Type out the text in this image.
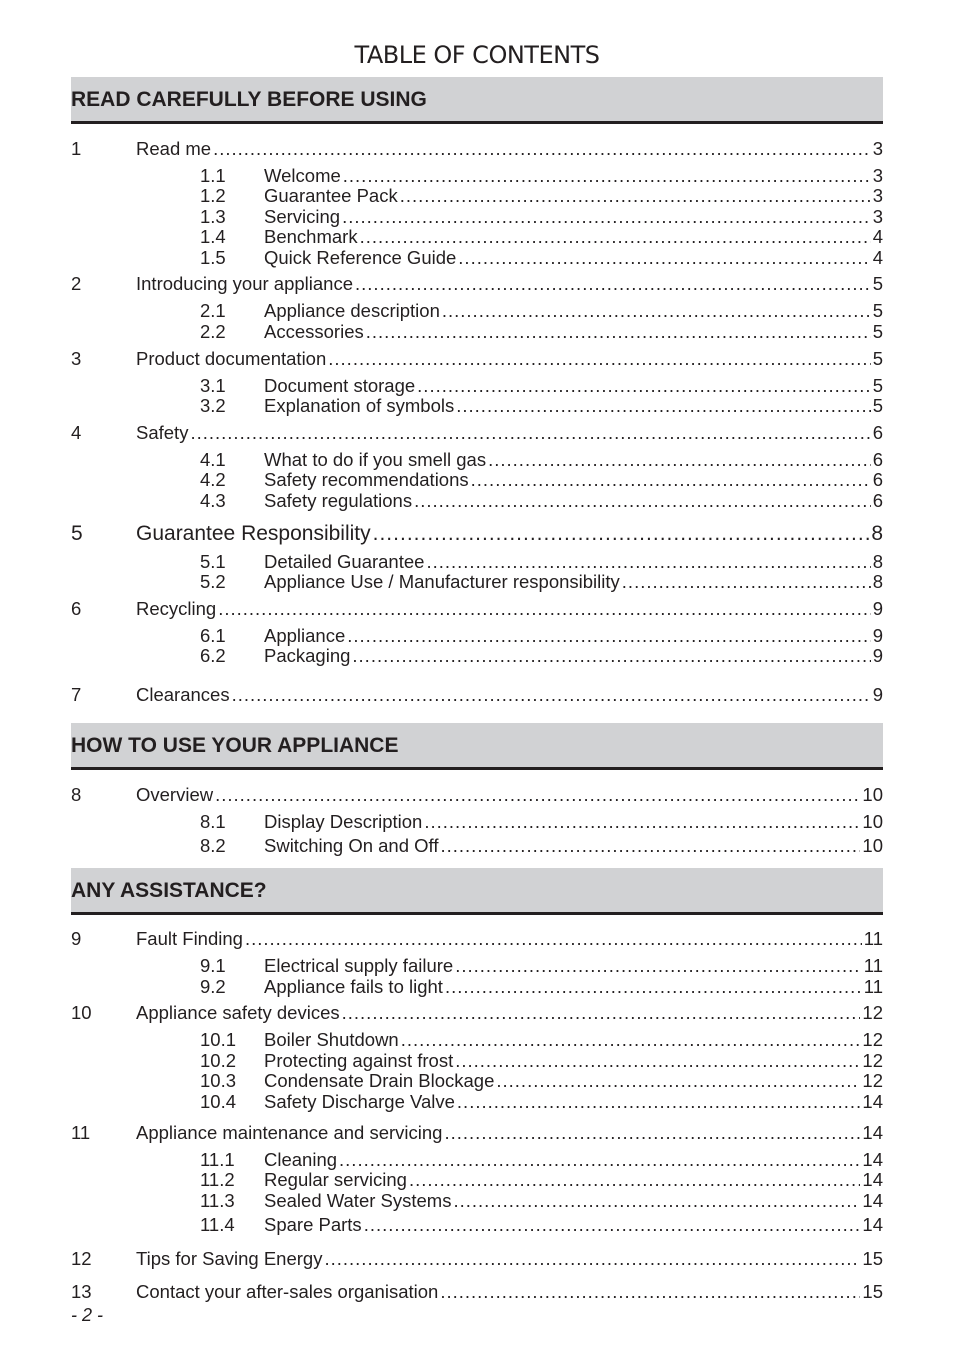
TABLE OF CONTENTS
READ CAREFULLY BEFORE USING
HOW TO USE YOUR APPLIANCE
ANY ASSISTANCE?
1	Read me .....	3
1.1	Welcome .....	3
1.2	Guarantee Pack .....	3
1.3	Servicing .....	3
1.4	Benchmark .....	4
1.5	Quick Reference Guide .....	4
2	Introducing your appliance .....	5
2.1	Appliance description .....	5
2.2	Accessories .....	5
3	Product documentation .....	5
3.1	Document storage .....	5
3.2	Explanation of symbols .....	5
4	Safety .....	6
4.1	What to do if you smell gas .....	6
4.2	Safety recommendations .....	6
4.3	Safety regulations .....	6
5	Guarantee Responsibility .....	8
5.1	Detailed Guarantee .....	8
5.2	Appliance Use / Manufacturer responsibility .....	8
6	Recycling .....	9
6.1	Appliance .....	9
6.2	Packaging .....	9
7	Clearances .....	9
8	Overview .....	10
8.1	Display Description .....	10
8.2	Switching On and Off .....	10
9	Fault Finding .....	11
9.1	Electrical supply failure .....	11
9.2	Appliance fails to light .....	11
10	Appliance safety devices .....	12
10.1	Boiler Shutdown .....	12
10.2	Protecting against frost .....	12
10.3	Condensate Drain Blockage .....	12
10.4	Safety Discharge Valve .....	14
11	Appliance maintenance and servicing .....	14
11.1	Cleaning .....	14
11.2	Regular servicing .....	14
11.3	Sealed Water Systems .....	14
11.4	Spare Parts .....	14
12	Tips for Saving Energy .....	15
13	Contact your after-sales organisation .....	15
- 2 -
